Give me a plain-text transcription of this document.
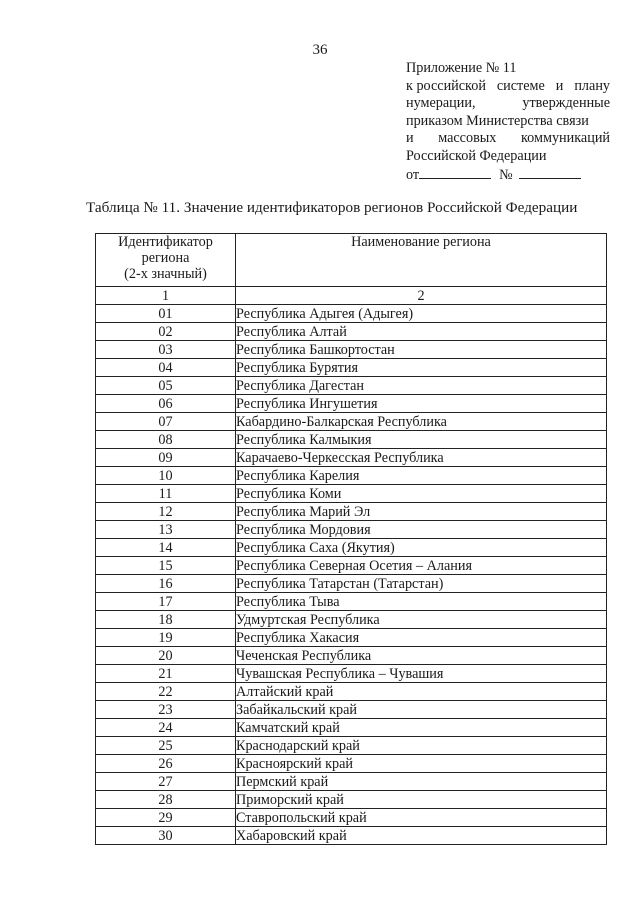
36
Приложение № 11
к российской системе и плану
нумерации,	утвержденные
приказом Министерства связи
и массовых коммуникаций
Российской Федерации
от	№
Таблица № 11. Значение идентификаторов регионов Российской Федерации
Идентификатор
региона
(2-х значный)	Наименование региона
1	2
01	Республика Адыгея (Адыгея)
02	Республика Алтай
03	Республика Башкортостан
04	Республика Бурятия
05	Республика Дагестан
06	Республика Ингушетия
07	Кабардино-Балкарская Республика
08	Республика Калмыкия
09	Карачаево-Черкесская Республика
10	Республика Карелия
11	Республика Коми
12	Республика Марий Эл
13	Республика Мордовия
14	Республика Саха (Якутия)
15	Республика Северная Осетия – Алания
16	Республика Татарстан (Татарстан)
17	Республика Тыва
18	Удмуртская Республика
19	Республика Хакасия
20	Чеченская Республика
21	Чувашская Республика – Чувашия
22	Алтайский край
23	Забайкальский край
24	Камчатский край
25	Краснодарский край
26	Красноярский край
27	Пермский край
28	Приморский край
29	Ставропольский край
30	Хабаровский край
